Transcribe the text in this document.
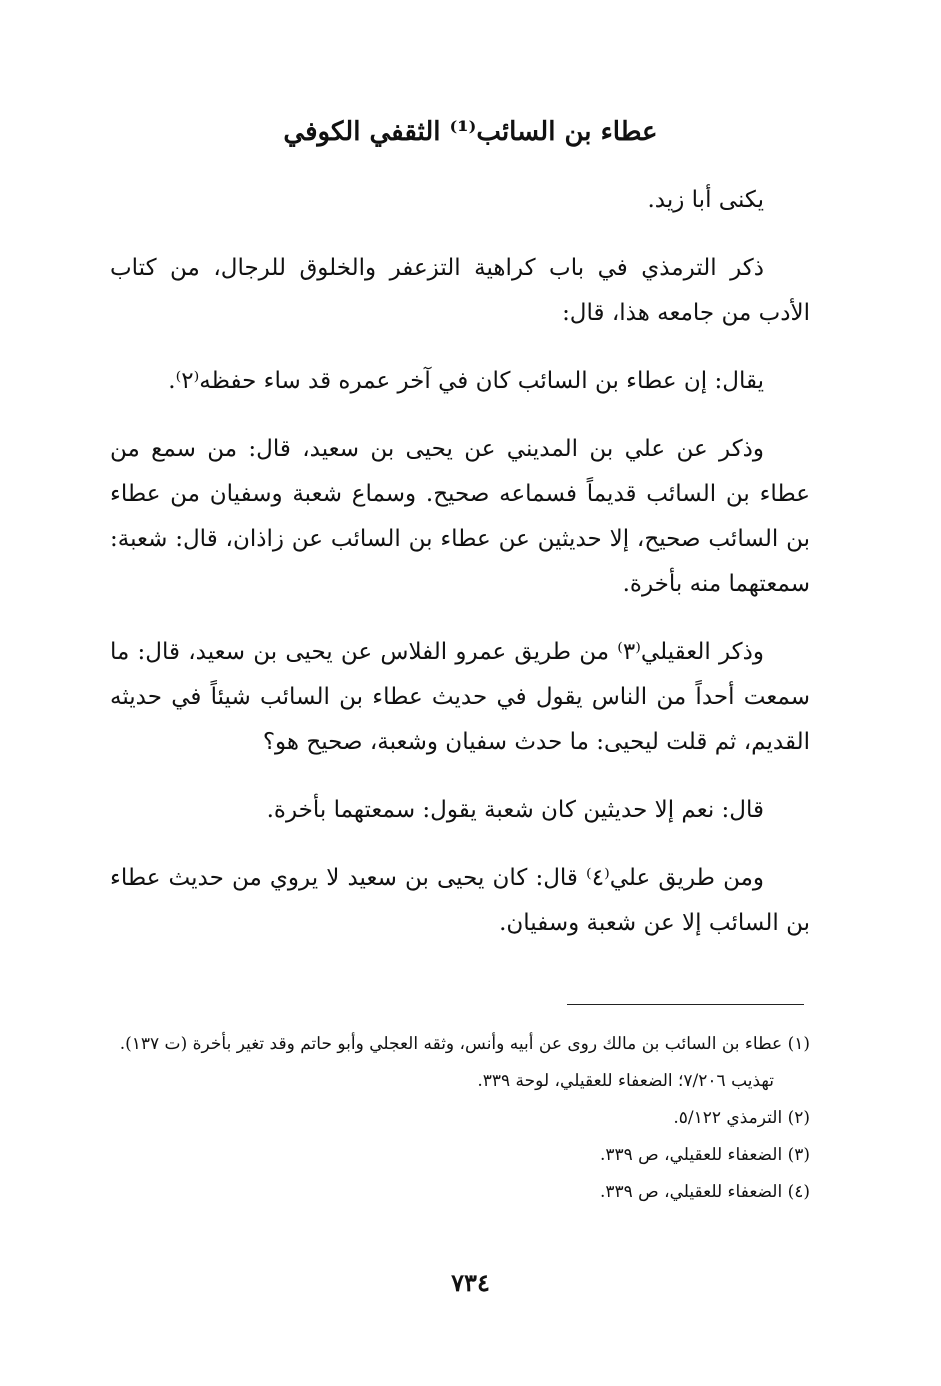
عطاء بن السائب⁽¹⁾ الثقفي الكوفي

يكنى أبا زيد.

ذكر الترمذي في باب كراهية التزعفر والخلوق للرجال، من كتاب الأدب من جامعه هذا، قال:

يقال: إن عطاء بن السائب كان في آخر عمره قد ساء حفظه⁽٢⁾.

وذكر عن علي بن المديني عن يحيى بن سعيد، قال: من سمع من عطاء بن السائب قديماً فسماعه صحيح. وسماع شعبة وسفيان من عطاء بن السائب صحيح، إلا حديثين عن عطاء بن السائب عن زاذان، قال: شعبة: سمعتهما منه بأخرة.

وذكر العقيلي⁽٣⁾ من طريق عمرو الفلاس عن يحيى بن سعيد، قال: ما سمعت أحداً من الناس يقول في حديث عطاء بن السائب شيئاً في حديثه القديم، ثم قلت ليحيى: ما حدث سفيان وشعبة، صحيح هو؟

قال: نعم إلا حديثين كان شعبة يقول: سمعتهما بأخرة.

ومن طريق علي⁽٤⁾ قال: كان يحيى بن سعيد لا يروي من حديث عطاء بن السائب إلا عن شعبة وسفيان.

(١) عطاء بن السائب بن مالك روى عن أبيه وأنس، وثقه العجلي وأبو حاتم وقد تغير بأخرة (ت ١٣٧).

تهذيب ٧/٢٠٦؛ الضعفاء للعقيلي، لوحة ٣٣٩.

(٢) الترمذي ٥/١٢٢.

(٣) الضعفاء للعقيلي، ص ٣٣٩.

(٤) الضعفاء للعقيلي، ص ٣٣٩.

٧٣٤
